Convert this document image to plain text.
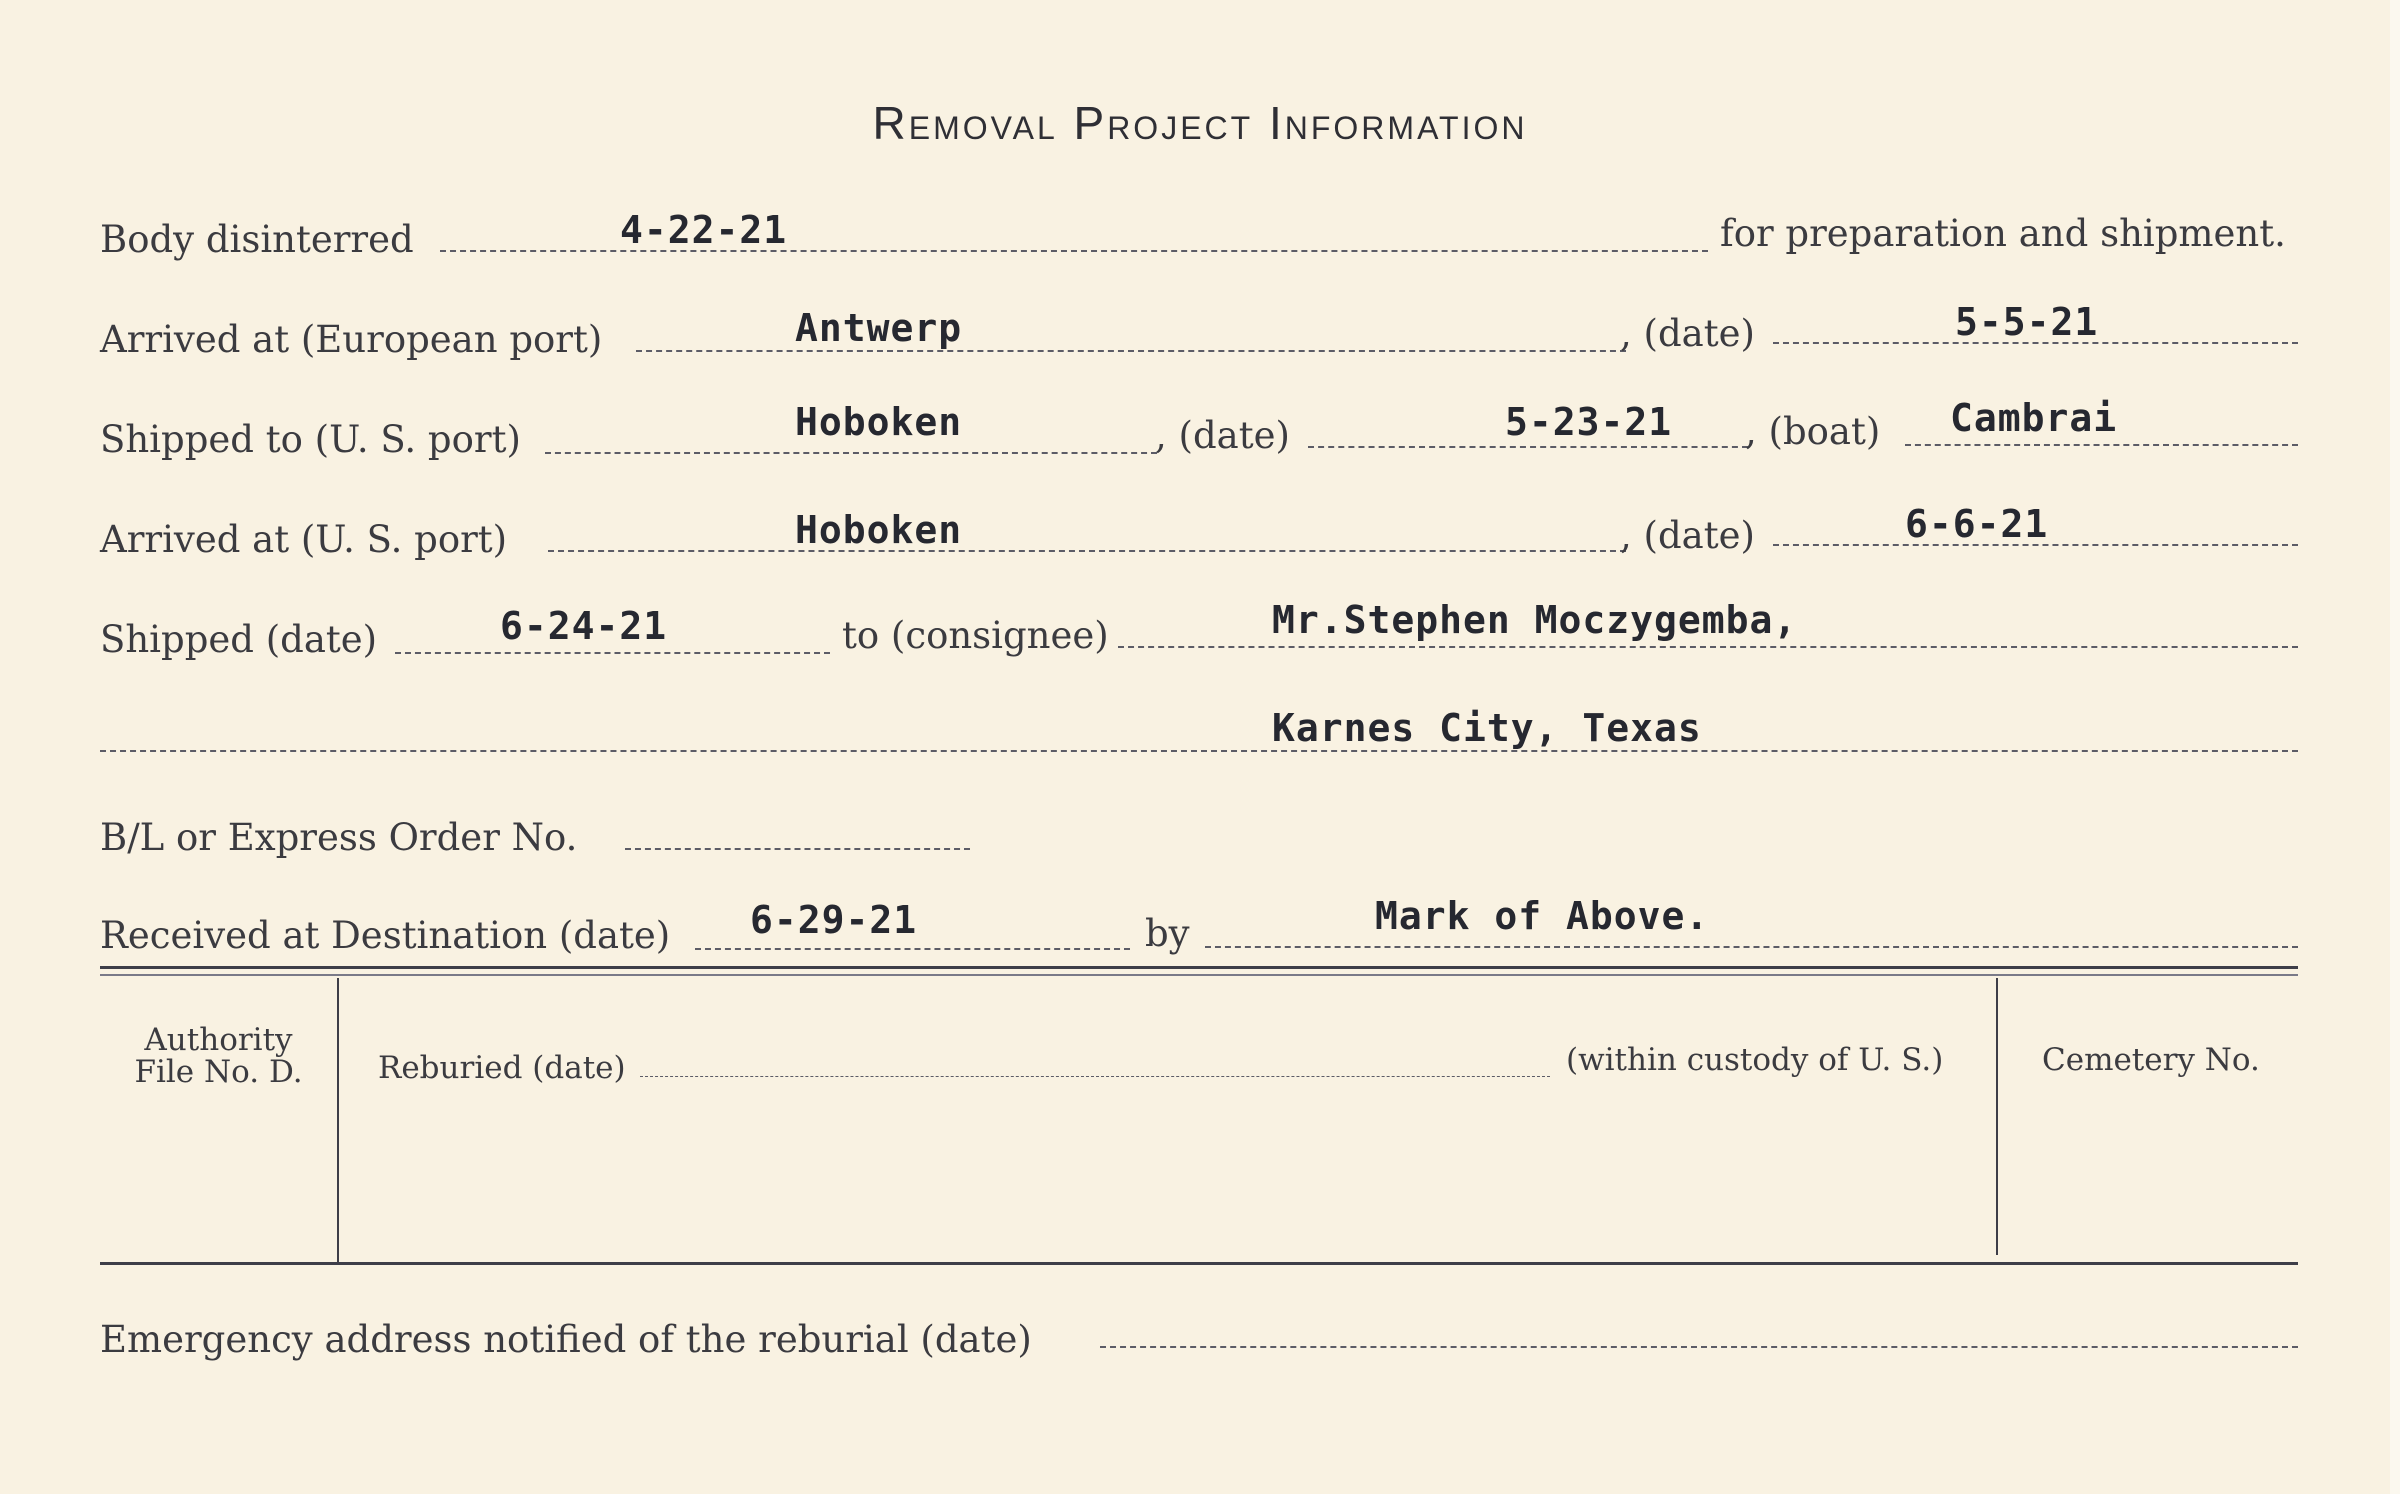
Removal Project Information
Body disinterred	4-22-21	for preparation and shipment.
Arrived at (European port)	Antwerp	, (date)	5-5-21
Shipped to (U. S. port)	Hoboken	, (date)	5-23-21 , (boat) Cambrai
Arrived at (U. S. port)	Hoboken	, (date)	6-6-21
Shipped (date)	6-24-21	to (consignee)	Mr.Stephen Moczygemba,
Karnes City, Texas
B/L or Express Order No.
Received at Destination (date) 6-29-21	by	Mark of Above.
Authority
File No. D.	Reburied (date)	(within custody of U. S.)	Cemetery No.
Emergency address notified of the reburial (date)
